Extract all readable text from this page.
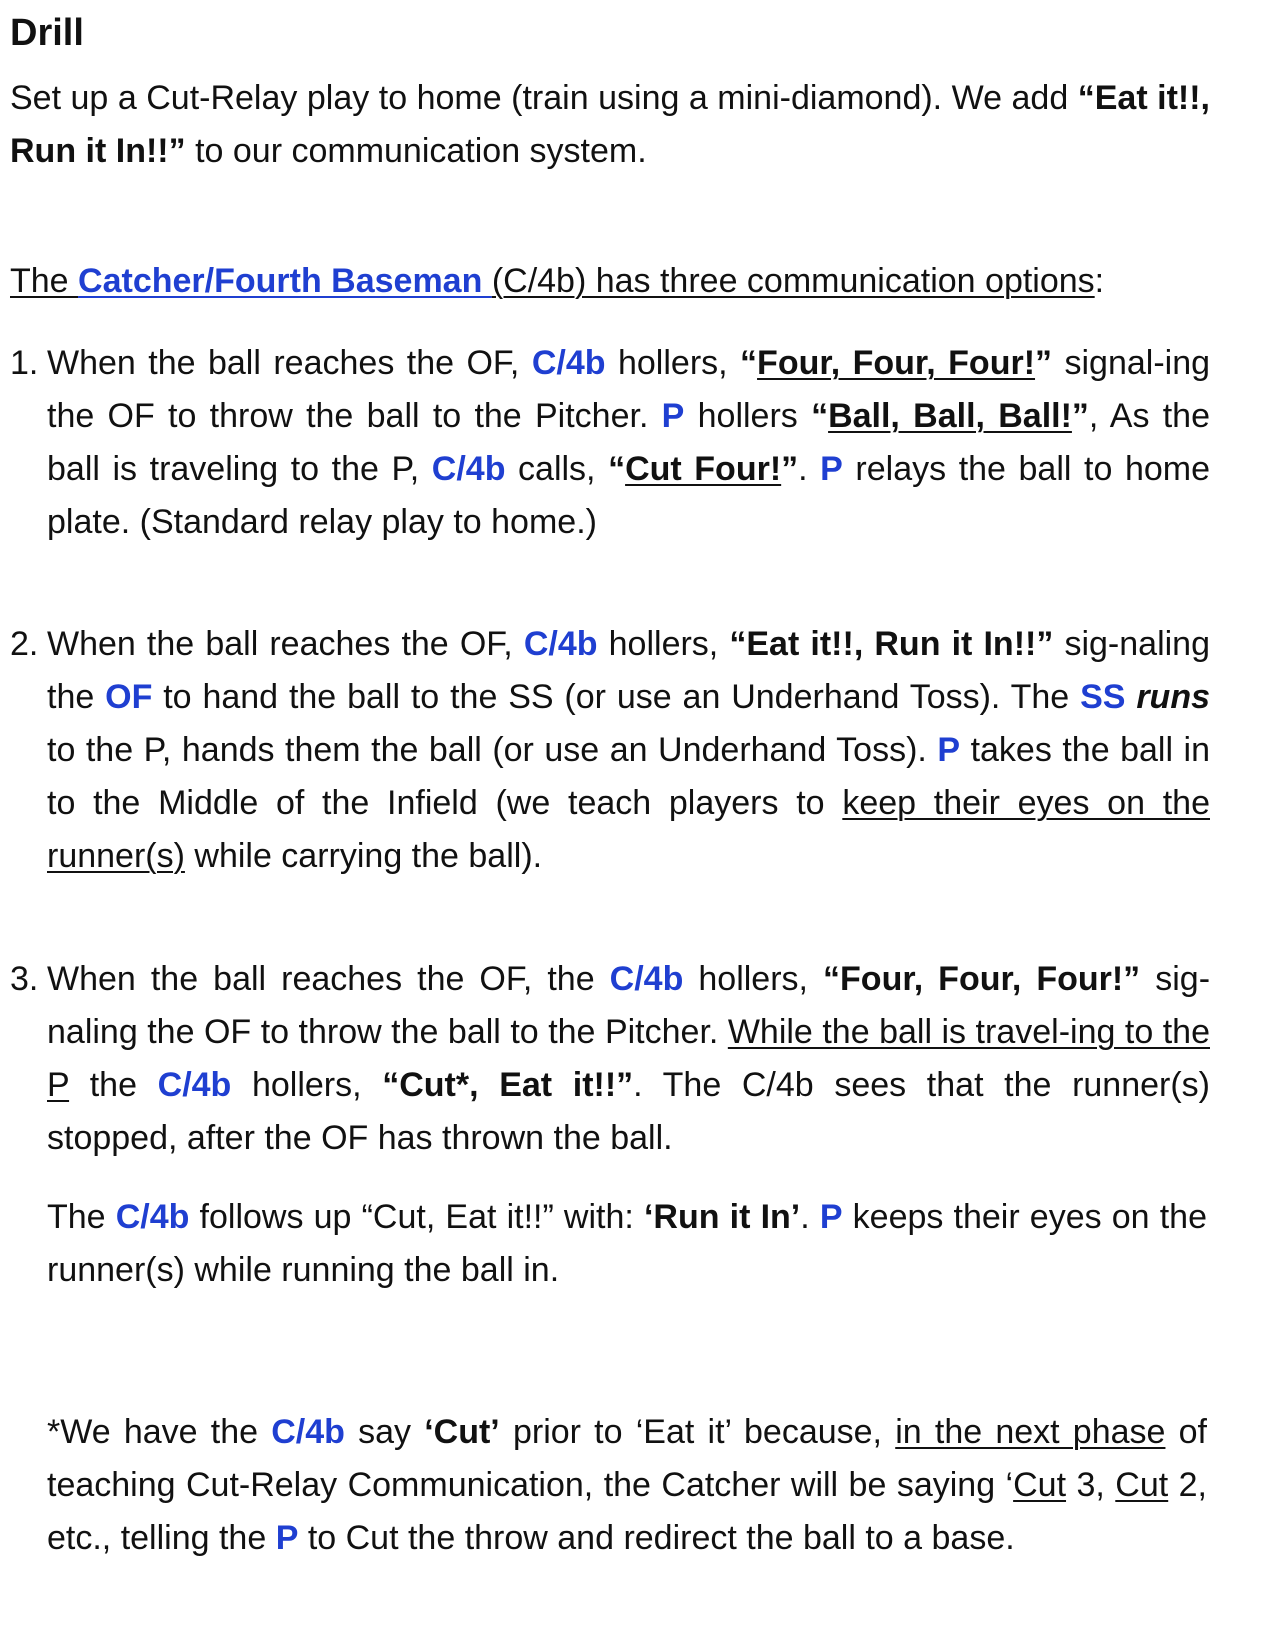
Drill
Set up a Cut-Relay play to home (train using a mini-diamond). We add “Eat it!!, Run it In!!” to our communication system.
The Catcher/Fourth Baseman (C/4b) has three communication options:
1. When the ball reaches the OF, C/4b hollers, “Four, Four, Four!” signal-ing the OF to throw the ball to the Pitcher. P hollers “Ball, Ball, Ball!”, As the ball is traveling to the P, C/4b calls, “Cut Four!”. P relays the ball to home plate. (Standard relay play to home.)
2. When the ball reaches the OF, C/4b hollers, “Eat it!!, Run it In!!” sig-naling the OF to hand the ball to the SS (or use an Underhand Toss). The SS runs to the P, hands them the ball (or use an Underhand Toss). P takes the ball in to the Middle of the Infield (we teach players to keep their eyes on the runner(s) while carrying the ball).
3. When the ball reaches the OF, the C/4b hollers, “Four, Four, Four!” sig-naling the OF to throw the ball to the Pitcher. While the ball is travel-ing to the P the C/4b hollers, “Cut*, Eat it!!”. The C/4b sees that the runner(s) stopped, after the OF has thrown the ball.
The C/4b follows up “Cut, Eat it!!” with: ‘Run it In’. P keeps their eyes on the runner(s) while running the ball in.
*We have the C/4b say ‘Cut’ prior to ‘Eat it’ because, in the next phase of teaching Cut-Relay Communication, the Catcher will be saying ‘Cut 3, Cut 2, etc., telling the P to Cut the throw and redirect the ball to a base.
